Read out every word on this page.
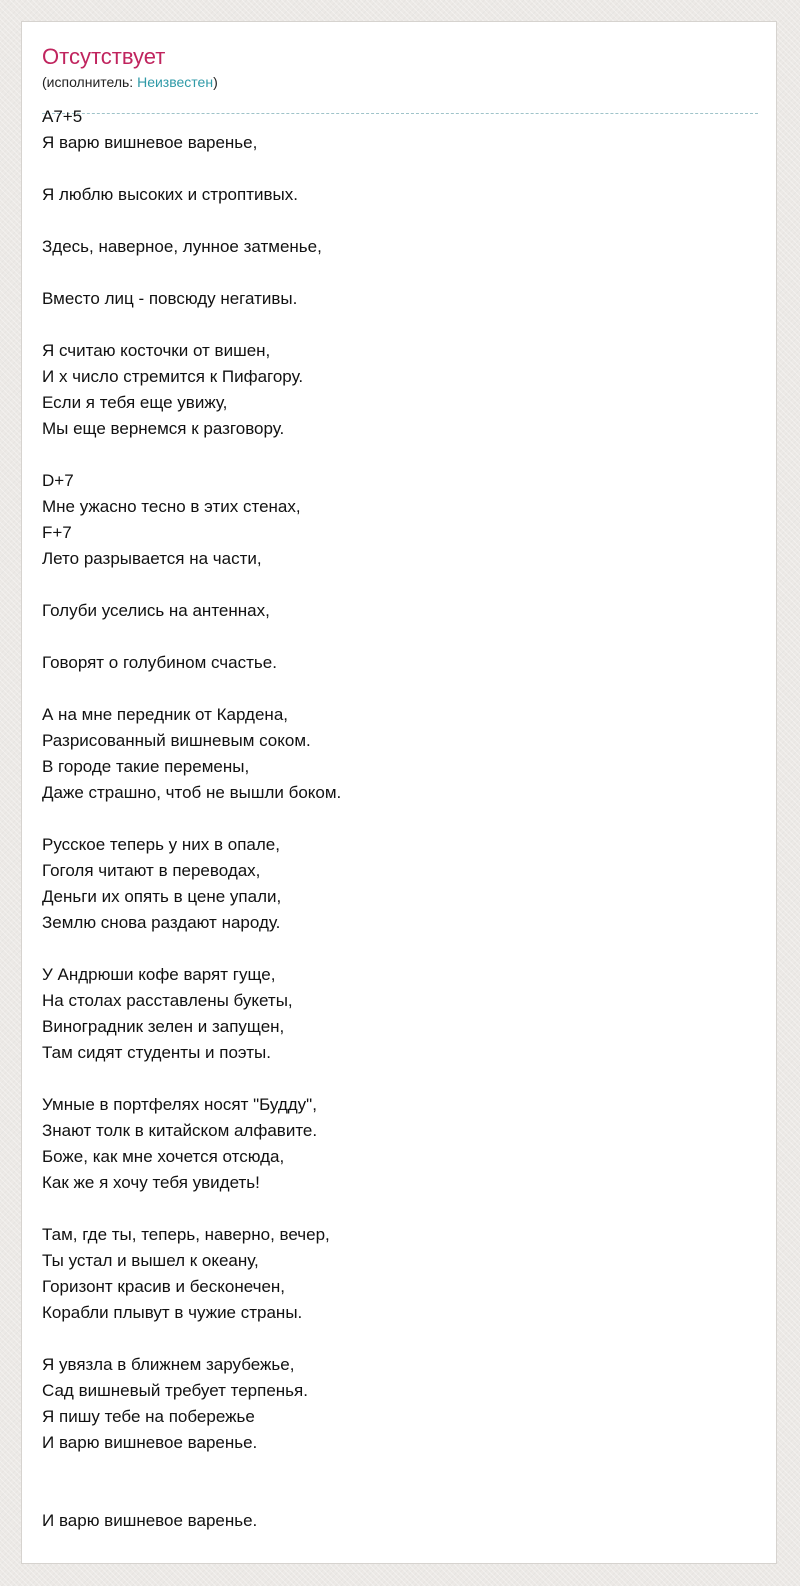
Отсутствует
(исполнитель: Неизвестен)
A7+5
Я варю вишневое варенье,
Я люблю высоких и строптивых.
Здесь, наверное, лунное затменье,
Вместо лиц - повсюду негативы.
Я считаю косточки от вишен,
И х число стремится к Пифагору.
Если я тебя еще увижу,
Мы еще вернемся к разговору.
D+7
Мне ужасно тесно в этих стенах,
F+7
Лето разрывается на части,
Голуби уселись на антеннах,
Говорят о голубином счастье.
А на мне передник от Кардена,
Разрисованный вишневым соком.
В городе такие перемены,
Даже страшно, чтоб не вышли боком.
Русское теперь у них в опале,
Гоголя читают в переводах,
Деньги их опять в цене упали,
Землю снова раздают народу.
У Андрюши кофе варят гуще,
На столах расставлены букеты,
Виноградник зелен и запущен,
Там сидят студенты и поэты.
Умные в портфелях носят "Будду",
Знают толк в китайском алфавите.
Боже, как мне хочется отсюда,
Как же я хочу тебя увидеть!
Там, где ты, теперь, наверно, вечер,
Ты устал и вышел к океану,
Горизонт красив и бесконечен,
Корабли плывут в чужие страны.
Я увязла в ближнем зарубежье,
Сад вишневый требует терпенья.
Я пишу тебе на побережье
И варю вишневое варенье.
И варю вишневое варенье.
